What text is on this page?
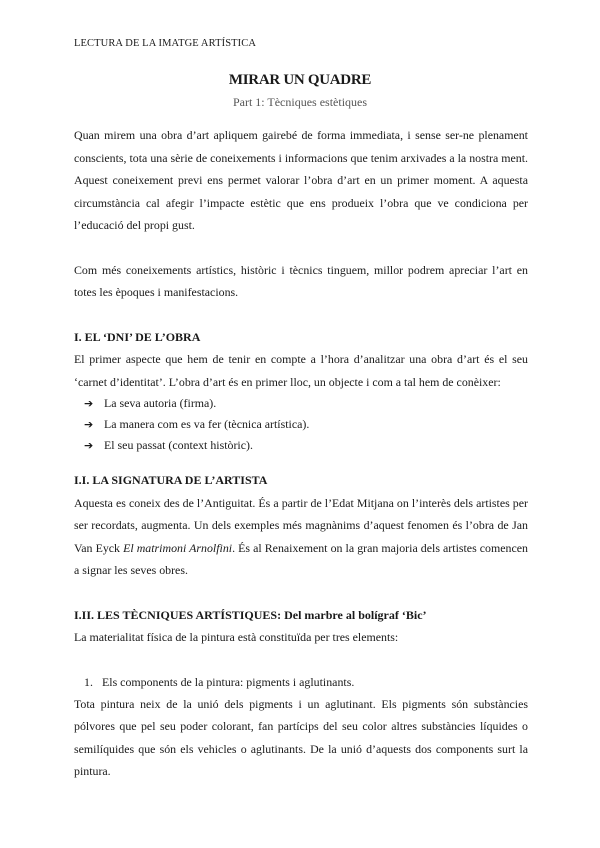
LECTURA DE LA IMATGE ARTÍSTICA
MIRAR UN QUADRE
Part 1: Tècniques estètiques

Quan mirem una obra d’art apliquem gairebé de forma immediata, i sense ser-ne plenament conscients, tota una sèrie de coneixements i informacions que tenim arxivades a la nostra ment. Aquest coneixement previ ens permet valorar l’obra d’art en un primer moment. A aquesta circumstància cal afegir l’impacte estètic que ens produeix l’obra que ve condiciona per l’educació del propi gust.

Com més coneixements artístics, històric i tècnics tinguem, millor podrem apreciar l’art en totes les èpoques i manifestacions.

I. EL ‘DNI’ DE L’OBRA

El primer aspecte que hem de tenir en compte a l’hora d’analitzar una obra d’art és el seu ‘carnet d’identitat’. L’obra d’art és en primer lloc, un objecte i com a tal hem de conèixer:

➔ La seva autoria (firma).
➔ La manera com es va fer (tècnica artística).
➔ El seu passat (context històric).
I.I. LA SIGNATURA DE L’ARTISTA

Aquesta es coneix des de l’Antiguitat. És a partir de l’Edat Mitjana on l’interès dels artistes per ser recordats, augmenta. Un dels exemples més magnànims d’aquest fenomen és l’obra de Jan Van Eyck El matrimoni Arnolfini. És al Renaixement on la gran majoria dels artistes comencen a signar les seves obres.

I.II. LES TÈCNIQUES ARTÍSTIQUES: Del marbre al bolígraf ‘Bic’

La materialitat física de la pintura està constituïda per tres elements:

1. Els components de la pintura: pigments i aglutinants.

Tota pintura neix de la unió dels pigments i un aglutinant. Els pigments són substàncies pólvores que pel seu poder colorant, fan partícips del seu color altres substàncies líquides o semilíquides que són els vehicles o aglutinants. De la unió d’aquests dos components surt la pintura.
